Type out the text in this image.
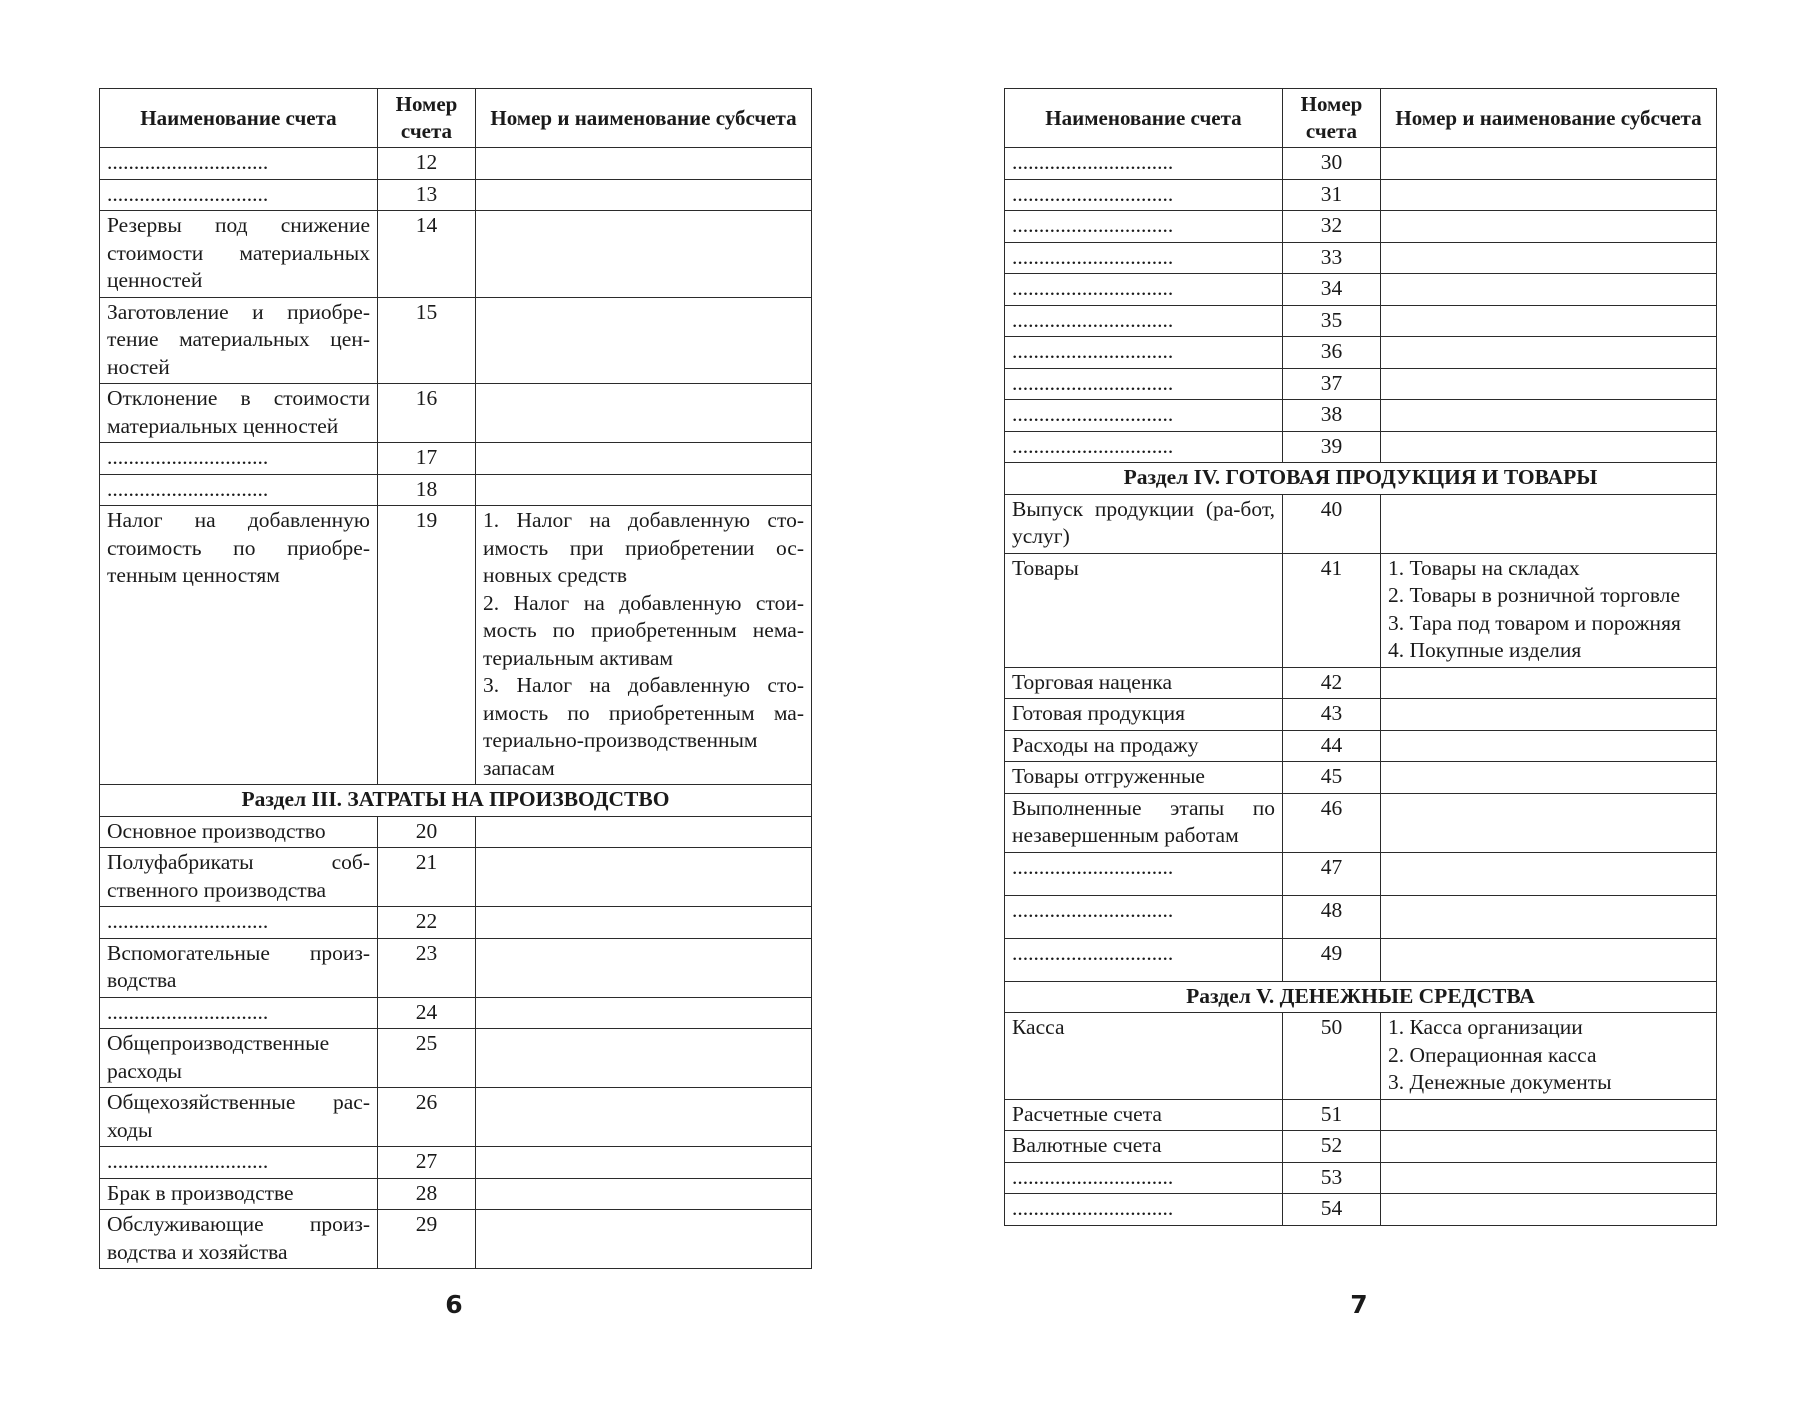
Наименование счета	Номер счета	Номер и наименование субсчета
..............................	12	
..............................	13	
Резервы под снижение стоимости материальных ценностей	14	
Заготовление и приобре-тение материальных цен-ностей	15	
Отклонение в стоимости материальных ценностей	16	
..............................	17	
..............................	18	
Налог на добавленную стоимость по приобре-тенным ценностям	19	1. Налог на добавленную сто-имость при приобретении ос-новных средств
2. Налог на добавленную стои-мость по приобретенным нема-териальным активам
3. Налог на добавленную сто-имость по приобретенным ма-териально-производственным запасам

Раздел III. ЗАТРАТЫ НА ПРОИЗВОДСТВО		
Основное производство	20	
Полуфабрикаты соб-ственного производства	21	
..............................	22	
Вспомогательные произ-водства	23	
..............................	24	
Общепроизводственные расходы	25	
Общехозяйственные рас-ходы	26	
..............................	27	
Брак в производстве	28	
Обслуживающие произ-водства и хозяйства	29	
6
Наименование счета	Номер счета	Номер и наименование субсчета
..............................	30	
..............................	31	
..............................	32	
..............................	33	
..............................	34	
..............................	35	
..............................	36	
..............................	37	
..............................	38	
..............................	39	
Раздел IV. ГОТОВАЯ ПРОДУКЦИЯ И ТОВАРЫ		
Выпуск продукции (ра-бот, услуг)	40	
Товары	41	1. Товары на складах
2. Товары в розничной торговле
3. Тара под товаром и порожняя
4. Покупные изделия

Торговая наценка	42	
Готовая продукция	43	
Расходы на продажу	44	
Товары отгруженные	45	
Выполненные этапы по незавершенным работам	46	
..............................	47	
..............................	48	
..............................	49	
Раздел V. ДЕНЕЖНЫЕ СРЕДСТВА		
Касса	50	1. Касса организации
2. Операционная касса
3. Денежные документы

Расчетные счета	51	
Валютные счета	52	
..............................	53	
..............................	54	
7
